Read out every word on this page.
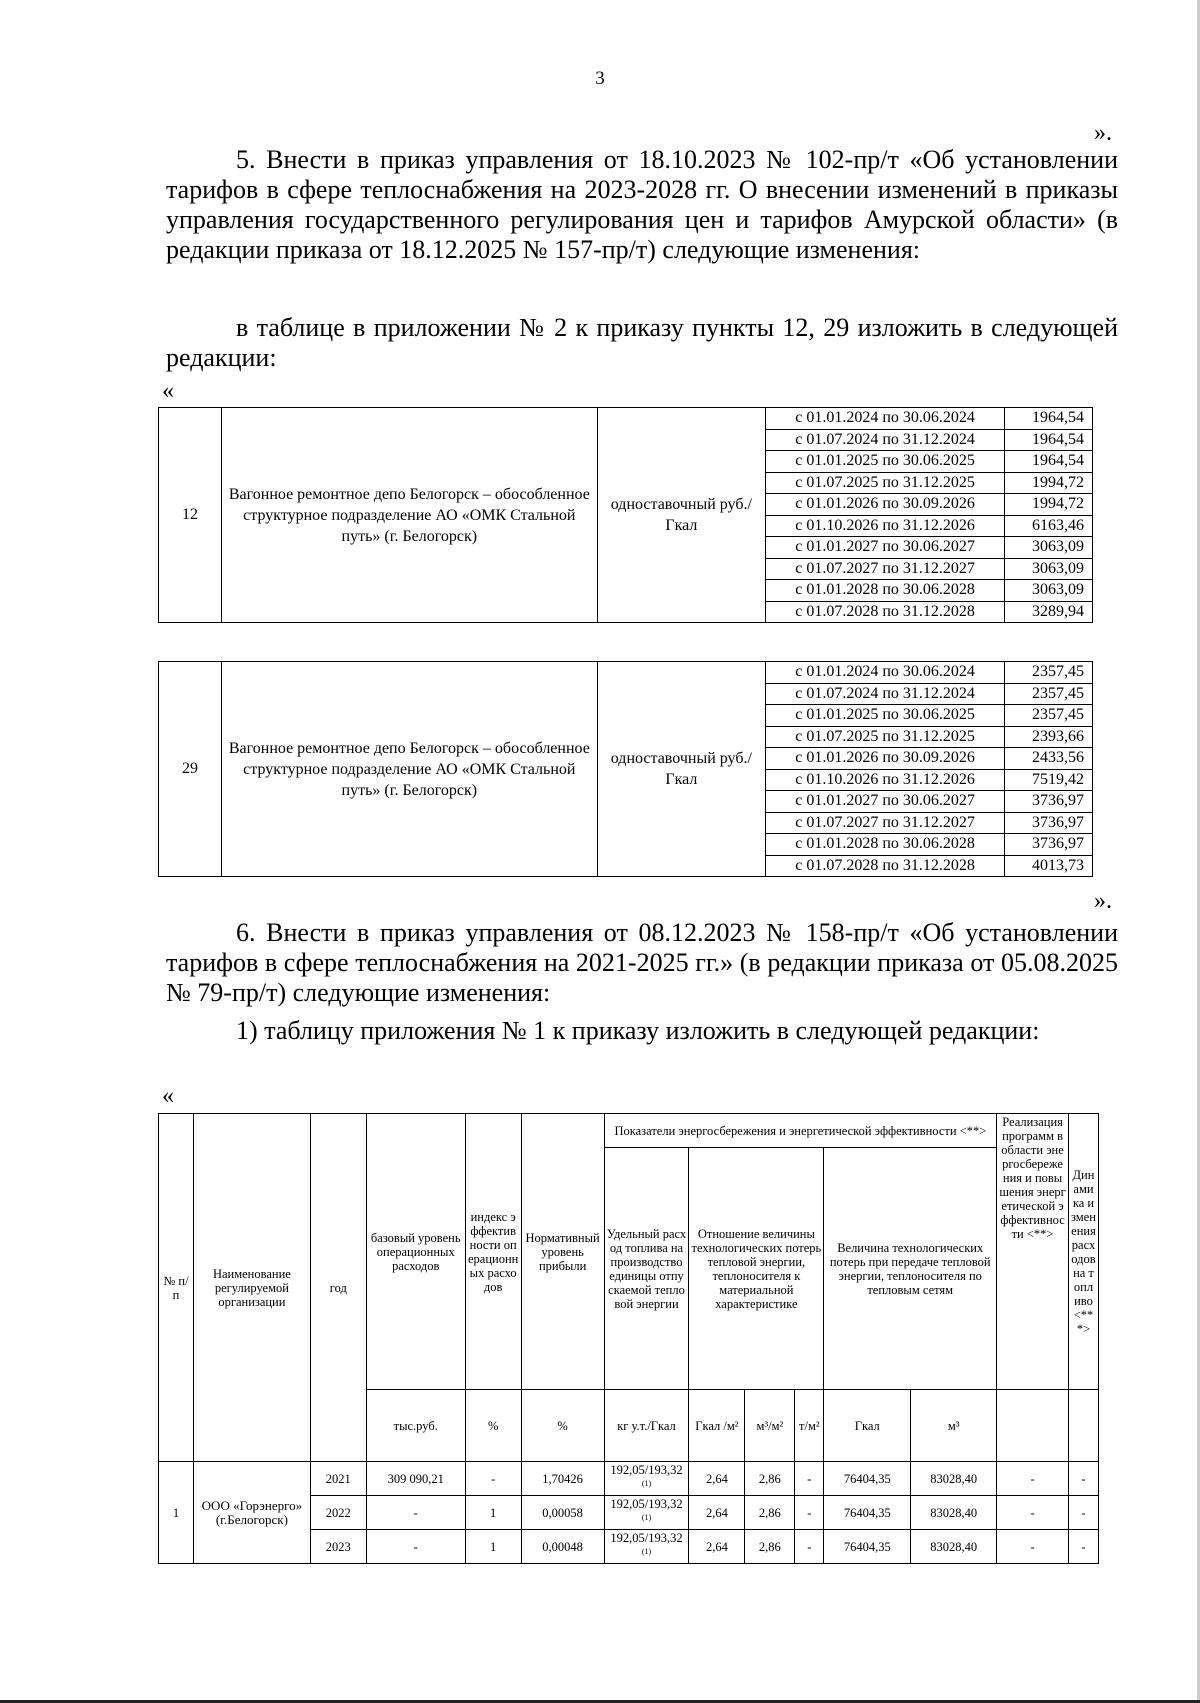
3
».
5. Внести в приказ управления от 18.10.2023 № 102-пр/т «Об установлении тарифов в сфере теплоснабжения на 2023-2028 гг. О внесении изменений в приказы управления государственного регулирования цен и тарифов Амурской области» (в редакции приказа от 18.12.2025 № 157-пр/т) следующие изменения:
в таблице в приложении № 2 к приказу пункты 12, 29 изложить в следующей редакции:
«
12	Вагонное ремонтное депо Белогорск – обособленное структурное подразделение АО «ОМК Стальной путь» (г. Белогорск)	одноставочный руб./Гкал	с 01.01.2024 по 30.06.2024	1964,54
			с 01.07.2024 по 31.12.2024	1964,54
			с 01.01.2025 по 30.06.2025	1964,54
			с 01.07.2025 по 31.12.2025	1994,72
			с 01.01.2026 по 30.09.2026	1994,72
			с 01.10.2026 по 31.12.2026	6163,46
			с 01.01.2027 по 30.06.2027	3063,09
			с 01.07.2027 по 31.12.2027	3063,09
			с 01.01.2028 по 30.06.2028	3063,09
			с 01.07.2028 по 31.12.2028	3289,94
29	Вагонное ремонтное депо Белогорск – обособленное структурное подразделение АО «ОМК Стальной путь» (г. Белогорск)	одноставочный руб./Гкал	с 01.01.2024 по 30.06.2024	2357,45
			с 01.07.2024 по 31.12.2024	2357,45
			с 01.01.2025 по 30.06.2025	2357,45
			с 01.07.2025 по 31.12.2025	2393,66
			с 01.01.2026 по 30.09.2026	2433,56
			с 01.10.2026 по 31.12.2026	7519,42
			с 01.01.2027 по 30.06.2027	3736,97
			с 01.07.2027 по 31.12.2027	3736,97
			с 01.01.2028 по 30.06.2028	3736,97
			с 01.07.2028 по 31.12.2028	4013,73
».
6. Внести в приказ управления от 08.12.2023 № 158-пр/т «Об установлении тарифов в сфере теплоснабжения на 2021-2025 гг.» (в редакции приказа от 05.08.2025 № 79-пр/т) следующие изменения:
1) таблицу приложения № 1 к приказу изложить в следующей редакции:
«
№ п/п	Наименование регулируемой организации	год	базовый уровень операционных расходов	индекс эффективности операционных расходов	Нормативный уровень прибыли	Показатели энергосбережения и энергетической эффективности <**>						Реализация программ в области энергосбережения и повышения энергетической эффективности <**>	Динамика изменения расходов на топливо <***>
						Удельный расход топлива на производство единицы отпускаемой тепловой энергии	Отношение величины технологических потерь тепловой энергии, теплоносителя к материальной характеристике			Величина технологических потерь при передаче тепловой энергии, теплоносителя по тепловым сетям			
			тыс.руб.	%	%	кг у.т./Гкал	Гкал /м²	м³/м²	т/м²	Гкал	м³		
1	ООО «Горэнерго» (г.Белогорск)	2021	309 090,21	-	1,70426	192,05/193,32 $^{(1)}$	2,64	2,86	-	76404,35	83028,40	-	-
		2022	-	1	0,00058	192,05/193,32 $^{(1)}$	2,64	2,86	-	76404,35	83028,40	-	-
		2023	-	1	0,00048	192,05/193,32 $^{(1)}$	2,64	2,86	-	76404,35	83028,40	-	-
